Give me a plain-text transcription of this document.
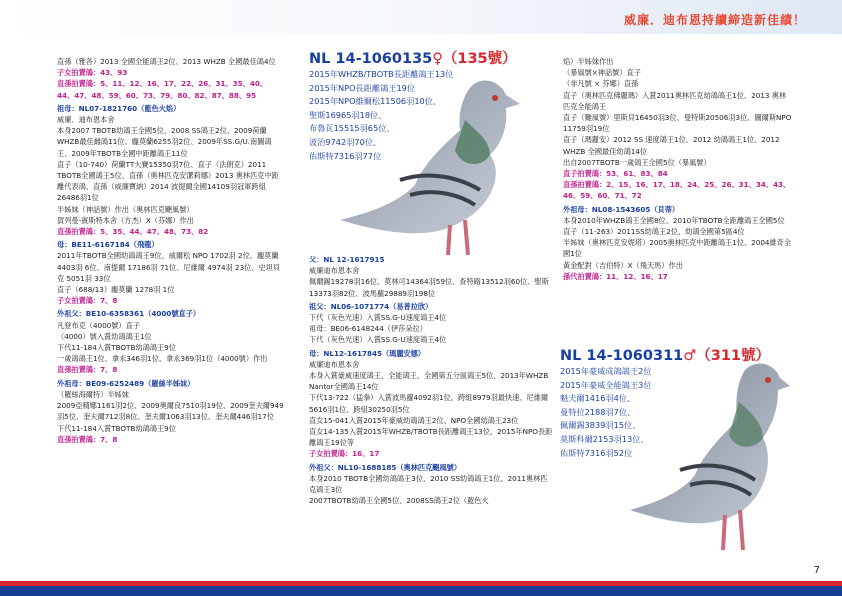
威廉．迪布恩持續締造新佳績！

直孫（雅各）2013 全國全能鴿王2位、2013 WHZB 全國最佳鴿4位

子女拍賣鴿：43、93

直孫拍賣鴿：5、11、12、16、17、22、26、31、35、40、44、47、48、59、60、73、79、80、82、87、88、95

祖母：NL07-1821760（藍色火焰）

威廉．迪布恩本舍

本身2007 TBOTB幼鴿王全國5位、2008 SS鴿王2位、2009荷蘭WHZB最佳雌鴿11位、龐莫蘭6255羽2位、2009年SS.G/U.南圖鴿王、2009年TBOTB全國中距離鴿王11位

直子（10-740）荷蘭TT大賽15350羽7位、直子（法朗克）2011 TBOTB全國鴿王5位、直孫（奧林匹克安潔莉娜）2013 奧林匹克中距離代表鴿、直孫（威廉寶納）2014 波提爾全國14109羽冠軍跨組26486羽1位

半姊妹（神話號）作出（奧林匹克颶風號）

賀列曼-賓斯特本舍（方杰）X（芬娜）作出

直孫拍賣鴿：5、35、44、47、48、73、82

母：BE11-6167184（飛龍）

2011年TBOTB全國幼鴿鴿王9位、威爾松 NPO 1702羽 2位、龐莫蘭 4403羽 6位、南提爾 17186羽 71位、尼維爾 4974羽 23位、史坦貝克 5051羽 33位

直子（688/13）龐莫蘭 1278羽 1位

子女拍賣鴿：7、8

外祖父：BE10-6358361（4000號直子）

凡登布克（4000號）直子

（4000）號入賞幼鴿鴿王1位

下代11-184入賞TBOTB幼鴿鴿王9位

一歲鴿鴿王1位、拿永346羽1位、拿永369羽1位（4000號）作出

直孫拍賣鴿：7、8

外祖母：BE09-6252489（羅絲半姊妹）

（羅絲海爾特）半姊妹

2009亞精娜1161羽2位、2009奧爾良7510羽19位、2009奎夫爾949羽5位、奎夫爾712羽8位、奎夫爾1063羽13位、奎夫爾446羽17位

下代11-184入賞TBOTB幼鴿鴿王9位

直孫拍賣鴿：7、8

NL 14-1060135♀（135號）
2015年WHZB/TBOTB長距離鴿王13位
2015年NPO長距離鴿王19位
2015年NPO維爾松11506羽10位、
聖斯16965羽18位、
布魯瓦15515羽65位、
波治9742羽70位、
佑斯特7316羽77位

父：NL 12-1617915

威廉迪布恩本舍

佩爾錫19278羽16位、莫林可14364羽59位、查特路13512羽60位、聖斯13373羽82位、波馬蘿29889羽198位

祖父：NL06-1071774（易普拉欣）

下代（灰色光速）入賞SS.G-U速度鴿王4位

祖母：BE06-6148244（伊莎朵拉）

下代（灰色光速）入賞SS.G-U速度鴿王4位

母：NL12-1617845（瑪麗安娜）

威廉迪布恩本舍

本身入賞豪威速度鴿王、全能鴿王、全國第五分區鴿王5位、2013年WHZB Nantor全國鴿王14位

下代13-722（猛拳）入賞波馬蘿4092羽1位，跨組8979羽最快速、尼維爾5616羽1位、跨組30250羽5位

直女15-041入賞2015年豪威幼鴿鴿王2位、NPO全國幼鴿王23位

直女14-135入賞2015年WHZB/TBOTB長距離鴿王13位、2015年NPO長距離鴿王19位等

子女拍賣鴿：16、17

外祖父：NL10-1688185（奧林匹克颶風號）

本身2010 TBOTB全國幼鴿鴿王3位、2010 SS幼鴿鴿王1位、2011奧林匹克鴿王3位

2007TBOTB幼鴿王全國5位、2008SS鴿王2位（藍色火

焰）半姊妹作出

（暴風號×神話號）直子

（非凡號 × 芬娜）直孫

直子（奧林匹克佛麗瑪）入賞2011奧林匹克幼鴿鴿王1位、2013 奧林匹克全能鴿王

直子（颱風號）里斯貝16450羽3位、曼特斯20506羽3位、圖爾斯NPO 11759羽19位

直子（瑪麗安）2012 SS 速度鴿王1位、2012 幼鴿鴿王1位、2012 WHZB 全國最佳幼鴿14位

出自2007TBOTB一歲鴿王全國5位（暴風號）

直子拍賣鴿：53、61、83、84

直孫拍賣鴿：2、15、16、17、18、24、25、26、31、34、43、46、59、60、71、72

外祖母：NL08-1543605（貝蒂）

本身2010年WHZB鴿王全國8位、2010年TBOTB全距離鴿王全國5位

直子（11-263）2011SS幼鴿王2位、幼鴿全國第5區4位

半姊妹（奧林匹克安妮塔）2005奧林匹克中距離鴿王1位、2004維奇全國1位

黃金配對（吉伯特）X（飛天馬）作出

孫代拍賣鴿：11、12、16、17

NL 14-1060311♂（311號）
2015年豪威成鴿鴿王2位
2015年豪威全能鴿王3位
魁夫爾1416羽4位、
曼特拉2188羽7位、
佩爾錫3839羽15位、
莫斯科爾2153羽13位、
佑斯特7316羽52位
7
